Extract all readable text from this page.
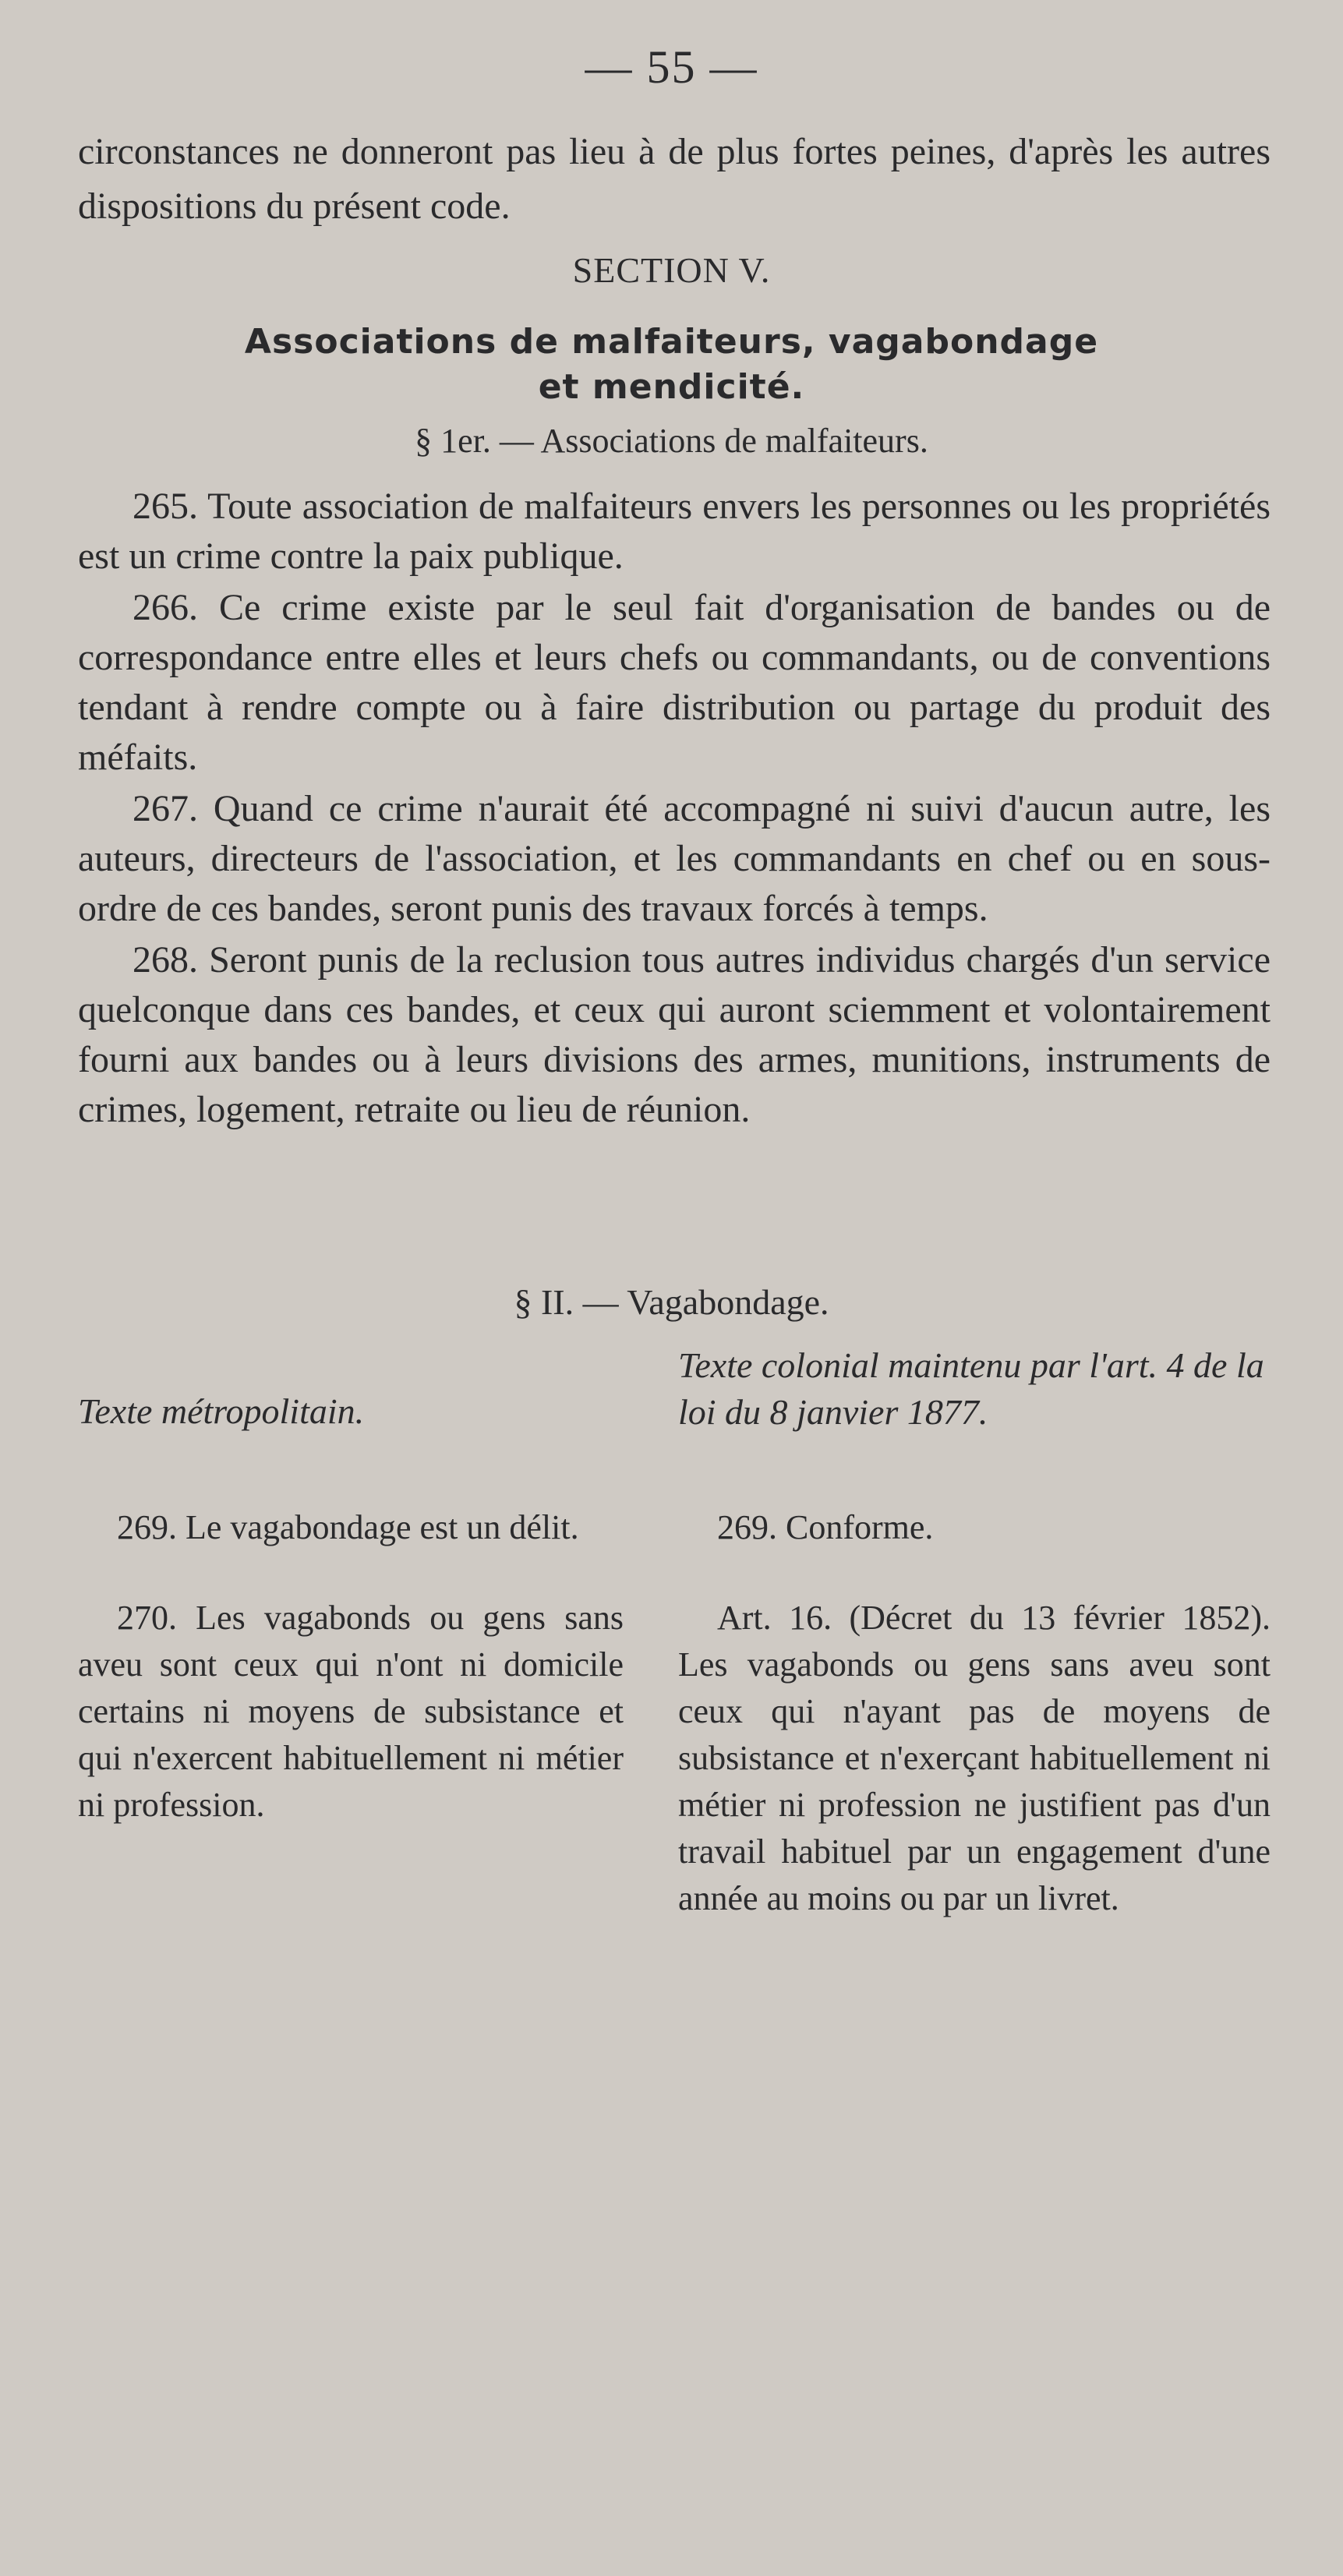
— 55 —

circonstances ne donneront pas lieu à de plus fortes peines, d'après les autres dispositions du présent code.

SECTION V.
Associations de malfaiteurs, vagabondage
et mendicité.
§ 1er. — Associations de malfaiteurs.

265. Toute association de malfaiteurs envers les personnes ou les propriétés est un crime contre la paix publique.

266. Ce crime existe par le seul fait d'organisation de bandes ou de correspondance entre elles et leurs chefs ou commandants, ou de conventions tendant à rendre compte ou à faire distribution ou partage du produit des méfaits.

267. Quand ce crime n'aurait été accompagné ni suivi d'aucun autre, les auteurs, directeurs de l'association, et les commandants en chef ou en sous-ordre de ces bandes, seront punis des travaux forcés à temps.

268. Seront punis de la reclusion tous autres individus chargés d'un service quelconque dans ces bandes, et ceux qui auront sciemment et volontairement fourni aux bandes ou à leurs divisions des armes, munitions, instruments de crimes, logement, retraite ou lieu de réunion.

§ II. — Vagabondage.
Texte métropolitain.
Texte colonial maintenu par l'art. 4 de la loi du 8 janvier 1877.

269. Le vagabondage est un délit.

270. Les vagabonds ou gens sans aveu sont ceux qui n'ont ni domicile certains ni moyens de subsistance et qui n'exercent habituellement ni métier ni profession.

269. Conforme.

Art. 16. (Décret du 13 février 1852). Les vagabonds ou gens sans aveu sont ceux qui n'ayant pas de moyens de subsistance et n'exerçant habituellement ni métier ni profession ne justifient pas d'un travail habituel par un engagement d'une année au moins ou par un livret.
